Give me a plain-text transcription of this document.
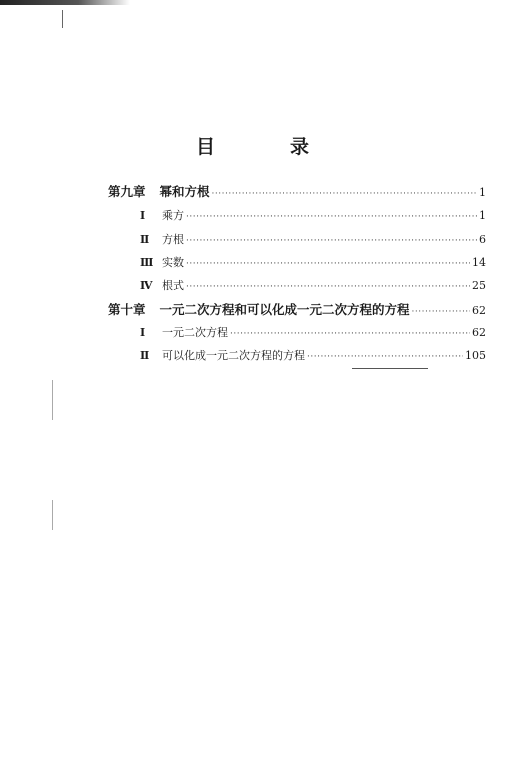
目　录
第九章 幂和方根 ·····	1
Ⅰ	乘方 ·····	1
Ⅱ	方根 ·····	6
Ⅲ 实数 ·····	14
Ⅳ 根式 ·····	25
第十章 一元二次方程和可以化成一元二次方程的方程 ·····	62
Ⅰ	一元二次方程 ·····	62
Ⅱ	可以化成一元二次方程的方程 ·····	105
